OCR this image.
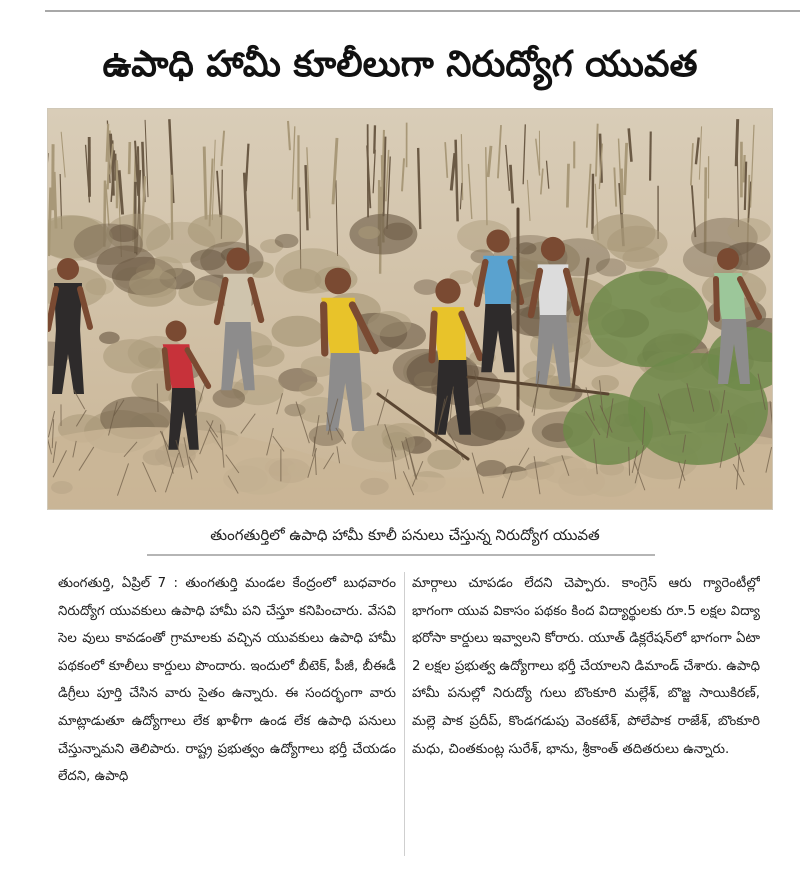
ఉపాధి హామీ కూలీలుగా నిరుద్యోగ యువత
తుంగతుర్తిలో ఉపాధి హామీ కూలీ పనులు చేస్తున్న నిరుద్యోగ యువత
తుంగతుర్తి, ఏప్రిల్ 7 : తుంగతుర్తి మండల కేంద్రంలో బుధవారం నిరుద్యోగ యువకులు ఉపాధి హామీ పని చేస్తూ కనిపించారు. వేసవి సెల వులు కావడంతో గ్రామాలకు వచ్చిన యువకులు ఉపాధి హామీ పథకంలో కూలీలు కార్డులు పొందారు. ఇందులో బీటెక్, పీజీ, బీఈడీ డిగ్రీలు పూర్తి చేసిన వారు సైతం ఉన్నారు. ఈ సందర్భంగా వారు మాట్లాడుతూ ఉద్యోగాలు లేక ఖాళీగా ఉండ లేక ఉపాధి పనులు చేస్తున్నామని తెలిపారు. రాష్ట్ర ప్రభుత్వం ఉద్యోగాలు భర్తీ చేయడం లేదని, ఉపాధి
మార్గాలు చూపడం లేదని చెప్పారు. కాంగ్రెస్ ఆరు గ్యారెంటీల్లో భాగంగా యువ వికాసం పథకం కింద విద్యార్థులకు రూ.5 లక్షల విద్యా భరోసా కార్డులు ఇవ్వాలని కోరారు. యూత్ డిక్లరేషన్‌లో భాగంగా ఏటా 2 లక్షల ప్రభుత్వ ఉద్యోగాలు భర్తీ చేయాలని డిమాండ్ చేశారు. ఉపాధి హామీ పనుల్లో నిరుద్యో గులు బొంకూరి మల్లేశ్, బొజ్జ సాయికిరణ్, మల్లె పాక ప్రదీప్, కొండగడుపు వెంకటేశ్, పోలేపాక రాజేశ్, బొంకూరి మధు, చింతకుంట్ల సురేశ్, భాను, శ్రీకాంత్ తదితరులు ఉన్నారు.
